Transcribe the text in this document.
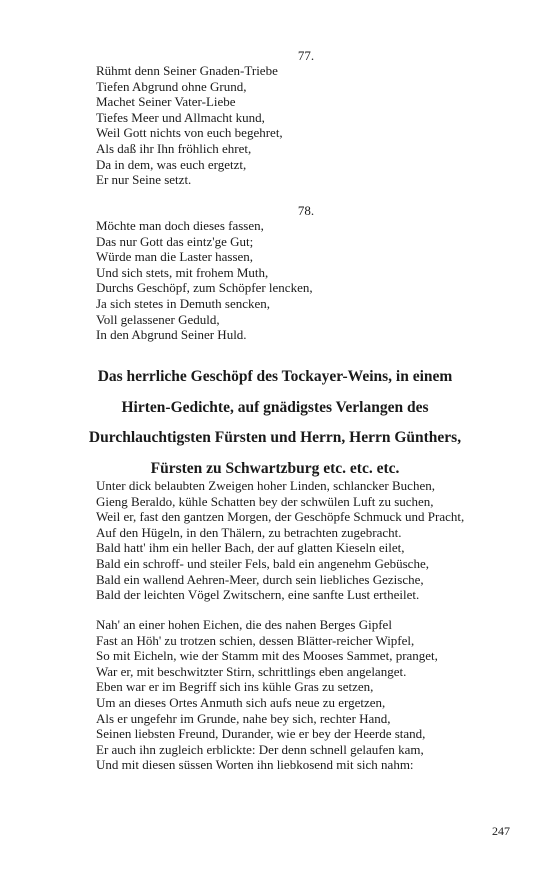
77.
Rühmt denn Seiner Gnaden-Triebe
Tiefen Abgrund ohne Grund,
Machet Seiner Vater-Liebe
Tiefes Meer und Allmacht kund,
Weil Gott nichts von euch begehret,
Als daß ihr Ihn fröhlich ehret,
Da in dem, was euch ergetzt,
Er nur Seine setzt.
78.
Möchte man doch dieses fassen,
Das nur Gott das eintz'ge Gut;
Würde man die Laster hassen,
Und sich stets, mit frohem Muth,
Durchs Geschöpf, zum Schöpfer lencken,
Ja sich stetes in Demuth sencken,
Voll gelassener Geduld,
In den Abgrund Seiner Huld.
Das herrliche Geschöpf des Tockayer-Weins, in einem
Hirten-Gedichte, auf gnädigstes Verlangen des
Durchlauchtigsten Fürsten und Herrn, Herrn Günthers,
Fürsten zu Schwartzburg etc. etc. etc.
Unter dick belaubten Zweigen hoher Linden, schlancker Buchen,
Gieng Beraldo, kühle Schatten bey der schwülen Luft zu suchen,
Weil er, fast den gantzen Morgen, der Geschöpfe Schmuck und Pracht,
Auf den Hügeln, in den Thälern, zu betrachten zugebracht.
Bald hatt' ihm ein heller Bach, der auf glatten Kieseln eilet,
Bald ein schroff- und steiler Fels, bald ein angenehm Gebüsche,
Bald ein wallend Aehren-Meer, durch sein liebliches Gezische,
Bald der leichten Vögel Zwitschern, eine sanfte Lust ertheilet.
Nah' an einer hohen Eichen, die des nahen Berges Gipfel
Fast an Höh' zu trotzen schien, dessen Blätter-reicher Wipfel,
So mit Eicheln, wie der Stamm mit des Mooses Sammet, pranget,
War er, mit beschwitzter Stirn, schrittlings eben angelanget.
Eben war er im Begriff sich ins kühle Gras zu setzen,
Um an dieses Ortes Anmuth sich aufs neue zu ergetzen,
Als er ungefehr im Grunde, nahe bey sich, rechter Hand,
Seinen liebsten Freund, Durander, wie er bey der Heerde stand,
Er auch ihn zugleich erblickte: Der denn schnell gelaufen kam,
Und mit diesen süssen Worten ihn liebkosend mit sich nahm:
247
